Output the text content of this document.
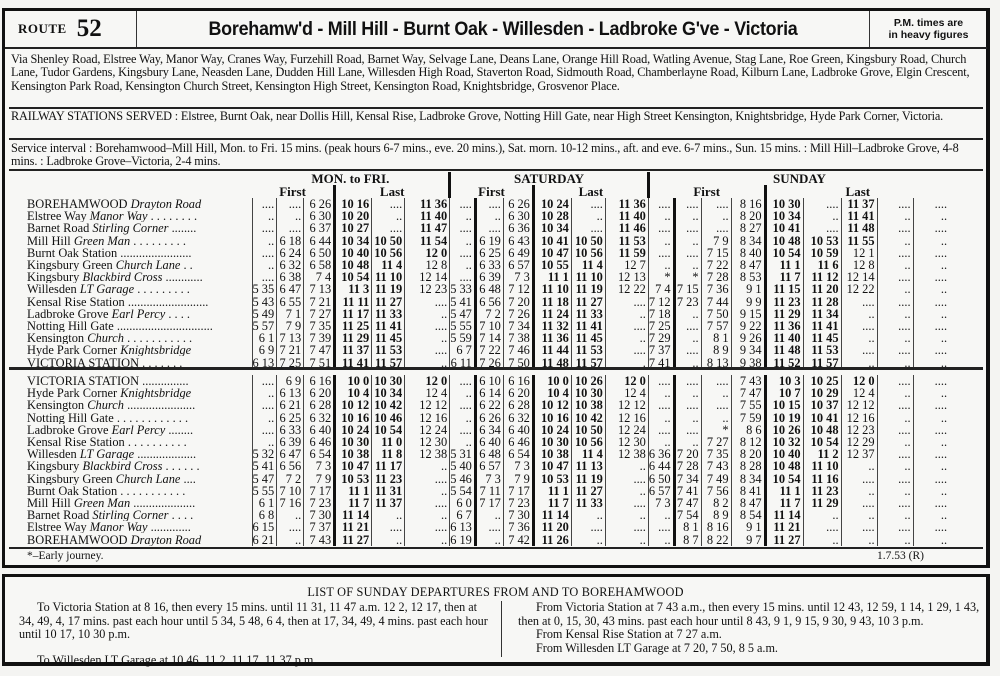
ROUTE 52	Borehamw'd - Mill Hill - Burnt Oak - Willesden - Ladbroke G've - Victoria	P.M. times are
in heavy figures
Via Shenley Road, Elstree Way, Manor Way, Cranes Way, Furzehill Road, Barnet Way, Selvage Lane, Deans Lane, Orange Hill Road, Watling Avenue, Stag Lane, Roe Green, Kingsbury Road, Church Lane, Tudor Gardens, Kingsbury Lane, Neasden Lane, Dudden Hill Lane, Willesden High Road, Staverton Road, Sidmouth Road, Chamberlayne Road, Kilburn Lane, Ladbroke Grove, Elgin Crescent, Kensington Park Road, Kensington Church Street, Kensington High Street, Kensington Road, Knightsbridge, Grosvenor Place.
RAILWAY STATIONS SERVED : Elstree, Burnt Oak, near Dollis Hill, Kensal Rise, Ladbroke Grove, Notting Hill Gate, near High Street Kensington, Knightsbridge, Hyde Park Corner, Victoria.
Service interval : Borehamwood–Mill Hill, Mon. to Fri. 15 mins. (peak hours 6-7 mins., eve. 20 mins.), Sat. morn. 10-12 mins., aft. and eve. 6-7 mins., Sun. 15 mins. : Mill Hill–Ladbroke Grove, 4-8 mins. : Ladbroke Grove–Victoria, 2-4 mins.
	MON. to FRI.						SATURDAY						SUNDAY								
	First			Last			First			Last			First				Last				
BOREHAMWOOD Drayton Road	....	....	6 26	10 16	....	11 36	....	....	6 26	10 24	....	11 36	....	....	....	8 16	10 30	....	11 37	....	....
Elstree Way Manor Way . . . . . . . .	..	..	6 30	10 20	..	11 40	..	..	6 30	10 28	..	11 40	..	..	..	8 20	10 34	..	11 41	..	..
Barnet Road Stirling Corner ........	....	....	6 37	10 27	....	11 47	....	....	6 36	10 34	....	11 46	....	....	....	8 27	10 41	....	11 48	....	....
Mill Hill Green Man . . . . . . . . .	..	6 18	6 44	10 34	10 50	11 54	..	6 19	6 43	10 41	10 50	11 53	..	..	7 9	8 34	10 48	10 53	11 55	..	..
Burnt Oak Station .......................	....	6 24	6 50	10 40	10 56	12 0	....	6 25	6 49	10 47	10 56	11 59	....	....	7 15	8 40	10 54	10 59	12 1	....	....
Kingsbury Green Church Lane . .	..	6 32	6 58	10 48	11 4	12 8	..	6 33	6 57	10 55	11 4	12 7	..	..	7 22	8 47	11 1	11 6	12 8	..	..
Kingsbury Blackbird Cross ............	....	6 38	7 4	10 54	11 10	12 14	....	6 39	7 3	11 1	11 10	12 13	*	*	7 28	8 53	11 7	11 12	12 14	....	....
Willesden LT Garage . . . . . . . . .	5 35	6 47	7 13	11 3	11 19	12 23	5 33	6 48	7 12	11 10	11 19	12 22	7 4	7 15	7 36	9 1	11 15	11 20	12 22	..	..
Kensal Rise Station ..........................	5 43	6 55	7 21	11 11	11 27	....	5 41	6 56	7 20	11 18	11 27	....	7 12	7 23	7 44	9 9	11 23	11 28	....	....	....
Ladbroke Grove Earl Percy . . . .	5 49	7 1	7 27	11 17	11 33	..	5 47	7 2	7 26	11 24	11 33	..	7 18	..	7 50	9 15	11 29	11 34	..	..	..
Notting Hill Gate ...............................	5 57	7 9	7 35	11 25	11 41	....	5 55	7 10	7 34	11 32	11 41	....	7 25	....	7 57	9 22	11 36	11 41	....	....	....
Kensington Church . . . . . . . . . . .	6 1	7 13	7 39	11 29	11 45	..	5 59	7 14	7 38	11 36	11 45	..	7 29	..	8 1	9 26	11 40	11 45	..	..	..
Hyde Park Corner Knightsbridge	6 9	7 21	7 47	11 37	11 53	....	6 7	7 22	7 46	11 44	11 53	....	7 37	....	8 9	9 34	11 48	11 53	....	....	....
VICTORIA STATION . . . . . . .	6 13	7 25	7 51	11 41	11 57	..	6 11	7 26	7 50	11 48	11 57	.	7 41	..	8 13	9 38	11 52	11 57	..	..	..
VICTORIA STATION ...............	....	6 9	6 16	10 0	10 30	12 0	....	6 10	6 16	10 0	10 26	12 0	....	....	....	7 43	10 3	10 25	12 0	....	....
Hyde Park Corner Knightsbridge	..	6 13	6 20	10 4	10 34	12 4	..	6 14	6 20	10 4	10 30	12 4	..	..	..	7 47	10 7	10 29	12 4	..	..
Kensington Church ......................	....	6 21	6 28	10 12	10 42	12 12	....	6 22	6 28	10 12	10 38	12 12	....	....	....	7 55	10 15	10 37	12 12	....	....
Notting Hill Gate . . . . . . . . . . . .	..	6 25	6 32	10 16	10 46	12 16	..	6 26	6 32	10 16	10 42	12 16	..	..	..	7 59	10 19	10 41	12 16	..	..
Ladbroke Grove Earl Percy ........	....	6 33	6 40	10 24	10 54	12 24	....	6 34	6 40	10 24	10 50	12 24	....	....	*	8 6	10 26	10 48	12 23	....	....
Kensal Rise Station . . . . . . . . . .	..	6 39	6 46	10 30	11 0	12 30	..	6 40	6 46	10 30	10 56	12 30	..	..	7 27	8 12	10 32	10 54	12 29	..	..
Willesden LT Garage ...................	5 32	6 47	6 54	10 38	11 8	12 38	5 31	6 48	6 54	10 38	11 4	12 38	6 36	7 20	7 35	8 20	10 40	11 2	12 37	....	....
Kingsbury Blackbird Cross . . . . . .	5 41	6 56	7 3	10 47	11 17	..	5 40	6 57	7 3	10 47	11 13	..	6 44	7 28	7 43	8 28	10 48	11 10	..	..	..
Kingsbury Green Church Lane ....	5 47	7 2	7 9	10 53	11 23	....	5 46	7 3	7 9	10 53	11 19	....	6 50	7 34	7 49	8 34	10 54	11 16	....	....	....
Burnt Oak Station . . . . . . . . . . .	5 55	7 10	7 17	11 1	11 31	..	5 54	7 11	7 17	11 1	11 27	..	6 57	7 41	7 56	8 41	11 1	11 23	..	..	..
Mill Hill Green Man ....................	6 1	7 16	7 23	11 7	11 37	....	6 0	7 17	7 23	11 7	11 33	....	7 3	7 47	8 2	8 47	11 7	11 29	....	....	....
Barnet Road Stirling Corner . . . .	6 8	..	7 30	11 14	..	..	6 7	..	7 30	11 14	..	..	..	7 54	8 9	8 54	11 14	..	..	..	..
Elstree Way Manor Way .............	6 15	....	7 37	11 21	....	....	6 13	....	7 36	11 20	....	....	....	8 1	8 16	9 1	11 21	....	....	....	....
BOREHAMWOOD Drayton Road	6 21	..	7 43	11 27	..	..	6 19	..	7 42	11 26	..	..	..	8 7	8 22	9 7	11 27	..	..	..	..
*–Early journey.	1.7.53 (R)
LIST OF SUNDAY DEPARTURES FROM AND TO BOREHAMWOOD

To Victoria Station at 8 16, then every 15 mins. until 11 31, 11 47 a.m. 12 2, 12 17, then at 34, 49, 4, 17 mins. past each hour until 5 34, 5 48, 6 4, then at 17, 34, 49, 4 mins. past each hour until 10 17, 10 30 p.m.

To Willesden LT Garage at 10 46, 11 2, 11 17, 11 37 p.m.

From Victoria Station at 7 43 a.m., then every 15 mins. until 12 43, 12 59, 1 14, 1 29, 1 43, then at 0, 15, 30, 43 mins. past each hour until 8 43, 9 1, 9 15, 9 30, 9 43, 10 3 p.m.

From Kensal Rise Station at 7 27 a.m.

From Willesden LT Garage at 7 20, 7 50, 8 5 a.m.
